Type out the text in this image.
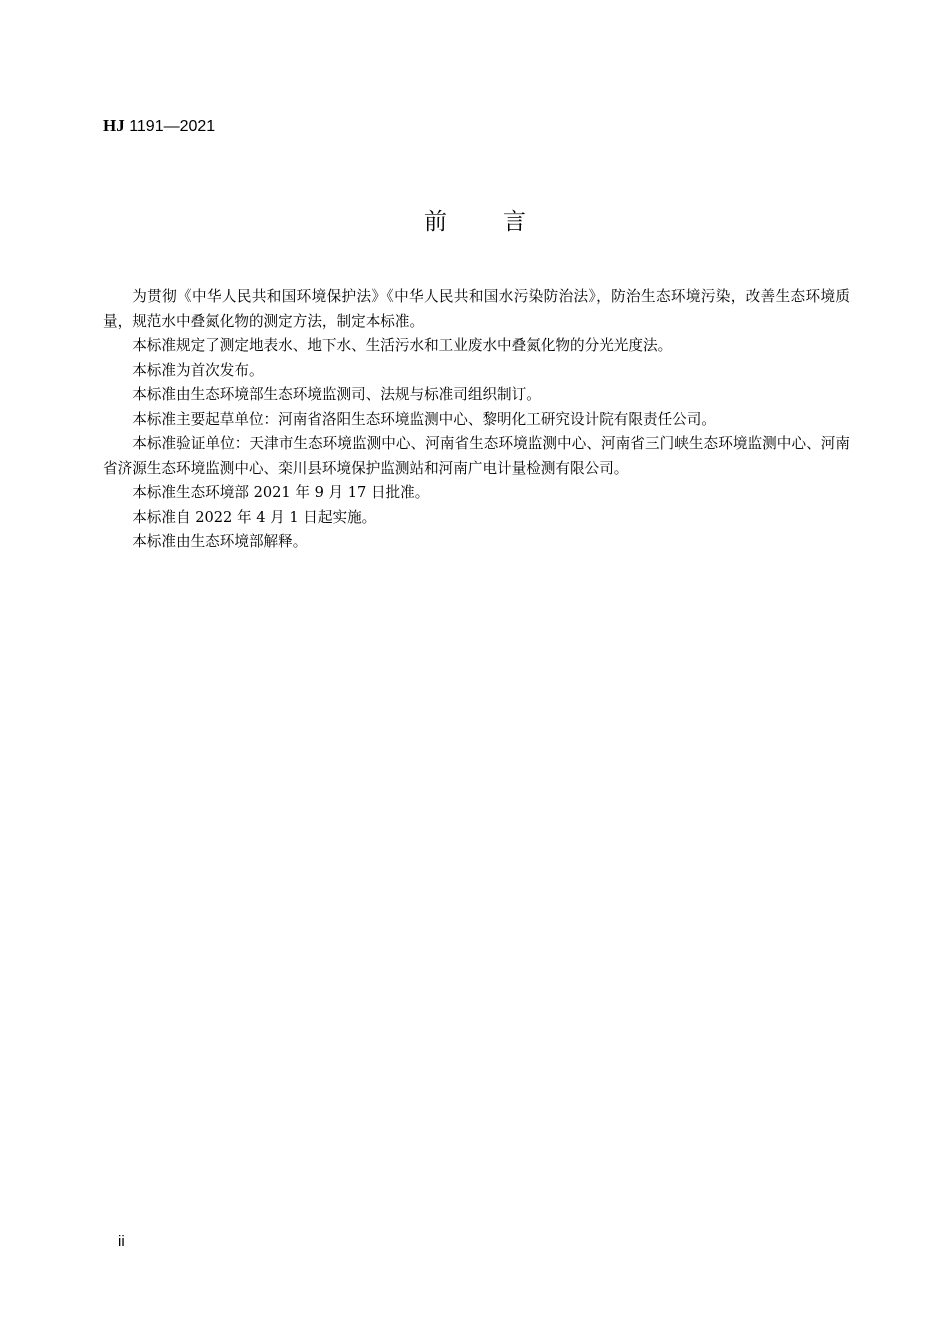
HJ 1191—2021
前言

为贯彻《中华人民共和国环境保护法》《中华人民共和国水污染防治法》，防治生态环境污染，改善生态环境质量，规范水中叠氮化物的测定方法，制定本标准。

本标准规定了测定地表水、地下水、生活污水和工业废水中叠氮化物的分光光度法。

本标准为首次发布。

本标准由生态环境部生态环境监测司、法规与标准司组织制订。

本标准主要起草单位：河南省洛阳生态环境监测中心、黎明化工研究设计院有限责任公司。

本标准验证单位：天津市生态环境监测中心、河南省生态环境监测中心、河南省三门峡生态环境监测中心、河南省济源生态环境监测中心、栾川县环境保护监测站和河南广电计量检测有限公司。

本标准生态环境部 2021 年 9 月 17 日批准。

本标准自 2022 年 4 月 1 日起实施。

本标准由生态环境部解释。

ii
